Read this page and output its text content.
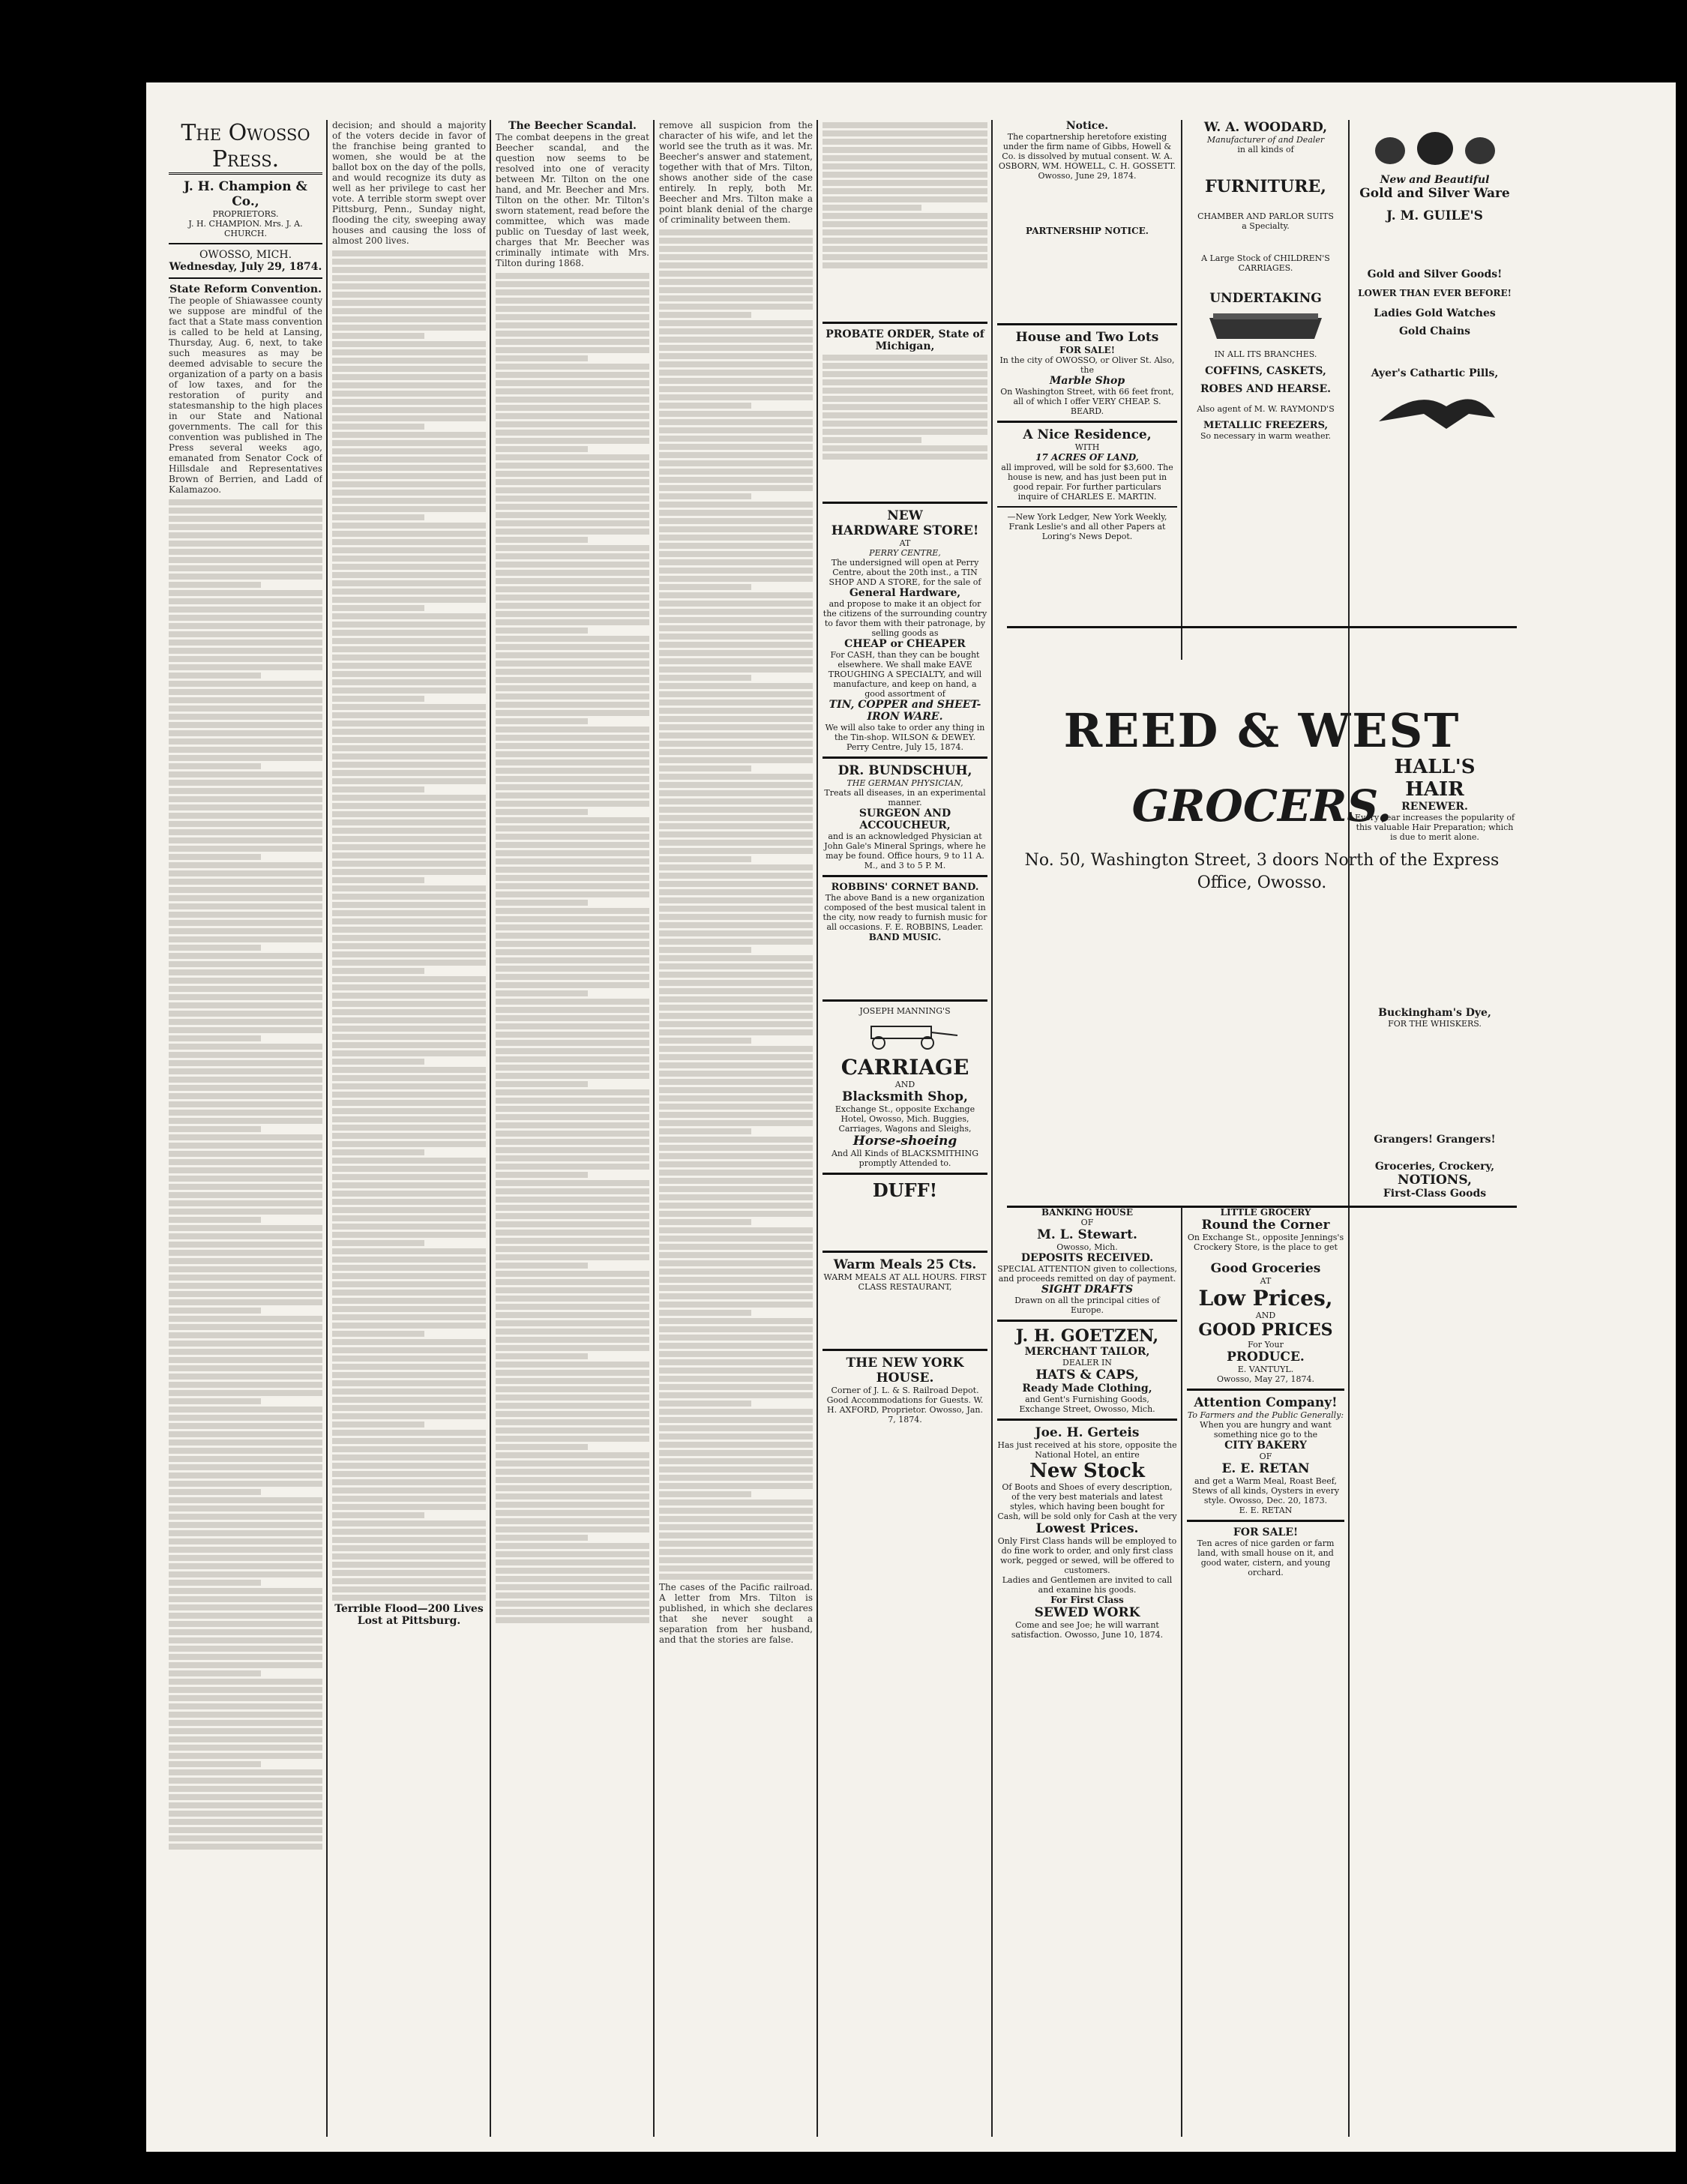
The Owosso Press.
J. H. Champion & Co.,
PROPRIETORS.
J. H. CHAMPION. Mrs. J. A. CHURCH.
OWOSSO, MICH.
Wednesday, July 29, 1874.
State Reform Convention.

The people of Shiawassee county we suppose are mindful of the fact that a State mass convention is called to be held at Lansing, Thursday, Aug. 6, next, to take such measures as may be deemed advisable to secure the organization of a party on a basis of low taxes, and for the restoration of purity and statesmanship to the high places in our State and National governments. The call for this convention was published in The Press several weeks ago, emanated from Senator Cock of Hillsdale and Representatives Brown of Berrien, and Ladd of Kalamazoo.

decision; and should a majority of the voters decide in favor of the franchise being granted to women, she would be at the ballot box on the day of the polls, and would recognize its duty as well as her privilege to cast her vote. A terrible storm swept over Pittsburg, Penn., Sunday night, flooding the city, sweeping away houses and causing the loss of almost 200 lives.

Terrible Flood—200 Lives Lost at Pittsburg.
The Beecher Scandal.

The combat deepens in the great Beecher scandal, and the question now seems to be resolved into one of veracity between Mr. Tilton on the one hand, and Mr. Beecher and Mrs. Tilton on the other. Mr. Tilton's sworn statement, read before the committee, which was made public on Tuesday of last week, charges that Mr. Beecher was criminally intimate with Mrs. Tilton during 1868.

remove all suspicion from the character of his wife, and let the world see the truth as it was. Mr. Beecher's answer and statement, together with that of Mrs. Tilton, shows another side of the case entirely. In reply, both Mr. Beecher and Mrs. Tilton make a point blank denial of the charge of criminality between them.

The cases of the Pacific railroad. A letter from Mrs. Tilton is published, in which she declares that she never sought a separation from her husband, and that the stories are false.

PROBATE ORDER, State of Michigan,
NEW
HARDWARE STORE!
AT
PERRY CENTRE,
The undersigned will open at Perry Centre, about the 20th inst., a TIN SHOP AND A STORE, for the sale of
General Hardware,
and propose to make it an object for the citizens of the surrounding country to favor them with their patronage, by selling goods as
CHEAP or CHEAPER
For CASH, than they can be bought elsewhere. We shall make EAVE TROUGHING A SPECIALTY, and will manufacture, and keep on hand, a good assortment of
TIN, COPPER and SHEET-IRON WARE.
We will also take to order any thing in the Tin-shop. WILSON & DEWEY. Perry Centre, July 15, 1874.
DR. BUNDSCHUH,
THE GERMAN PHYSICIAN,
Treats all diseases, in an experimental manner.
SURGEON AND ACCOUCHEUR,
and is an acknowledged Physician at John Gale's Mineral Springs, where he may be found. Office hours, 9 to 11 A. M., and 3 to 5 P. M.
ROBBINS' CORNET BAND.
The above Band is a new organization composed of the best musical talent in the city, now ready to furnish music for all occasions. F. E. ROBBINS, Leader.
BAND MUSIC.
JOSEPH MANNING'S
CARRIAGE
AND
Blacksmith Shop,
Exchange St., opposite Exchange Hotel, Owosso, Mich. Buggies, Carriages, Wagons and Sleighs,
Horse-shoeing
And All Kinds of BLACKSMITHING promptly Attended to.
DUFF!
Warm Meals 25 Cts.
WARM MEALS AT ALL HOURS. FIRST CLASS RESTAURANT,
THE NEW YORK HOUSE.
Corner of J. L. & S. Railroad Depot. Good Accommodations for Guests. W. H. AXFORD, Proprietor. Owosso, Jan. 7, 1874.
Notice.
The copartnership heretofore existing under the firm name of Gibbs, Howell & Co. is dissolved by mutual consent. W. A. OSBORN, WM. HOWELL, C. H. GOSSETT. Owosso, June 29, 1874.
PARTNERSHIP NOTICE.
House and Two Lots
FOR SALE!
In the city of OWOSSO, or Oliver St. Also, the
Marble Shop
On Washington Street, with 66 feet front, all of which I offer VERY CHEAP. S. BEARD.
A Nice Residence,
WITH
17 ACRES OF LAND,
all improved, will be sold for $3,600. The house is new, and has just been put in good repair. For further particulars inquire of CHARLES E. MARTIN.
—New York Ledger, New York Weekly, Frank Leslie's and all other Papers at Loring's News Depot.
W. A. WOODARD,
Manufacturer of and Dealer
in all kinds of
FURNITURE,
CHAMBER AND PARLOR SUITS
a Specialty.
A Large Stock of CHILDREN'S CARRIAGES.
UNDERTAKING
IN ALL ITS BRANCHES.
COFFINS, CASKETS,
ROBES AND HEARSE.
Also agent of M. W. RAYMOND'S
METALLIC FREEZERS,
So necessary in warm weather.
New and Beautiful
Gold and Silver Ware
J. M. GUILE'S
Gold and Silver Goods!
LOWER THAN EVER BEFORE!
Ladies Gold Watches
Gold Chains
Ayer's Cathartic Pills,
HALL'S
HAIR
RENEWER.
Every year increases the popularity of this valuable Hair Preparation; which is due to merit alone.
Buckingham's Dye,
FOR THE WHISKERS.
Grangers! Grangers!
Groceries, Crockery,
NOTIONS,
First-Class Goods
REED & WEST
GROCERS.
No. 50, Washington Street, 3 doors North of the Express Office, Owosso.
BANKING HOUSE
OF
M. L. Stewart.
Owosso, Mich.
DEPOSITS RECEIVED.
SPECIAL ATTENTION given to collections, and proceeds remitted on day of payment.
SIGHT DRAFTS
Drawn on all the principal cities of Europe.
J. H. GOETZEN,
MERCHANT TAILOR,
DEALER IN
HATS & CAPS,
Ready Made Clothing,
and Gent's Furnishing Goods,
Exchange Street, Owosso, Mich.
Joe. H. Gerteis
Has just received at his store, opposite the National Hotel, an entire
New Stock
Of Boots and Shoes of every description, of the very best materials and latest styles, which having been bought for Cash, will be sold only for Cash at the very
Lowest Prices.
Only First Class hands will be employed to do fine work to order, and only first class work, pegged or sewed, will be offered to customers.
Ladies and Gentlemen are invited to call and examine his goods.
For First Class
SEWED WORK
Come and see Joe; he will warrant satisfaction. Owosso, June 10, 1874.
LITTLE GROCERY
Round the Corner
On Exchange St., opposite Jennings's Crockery Store, is the place to get
Good Groceries
AT
Low Prices,
AND
GOOD PRICES
For Your
PRODUCE.
E. VANTUYL.
Owosso, May 27, 1874.
Attention Company!
To Farmers and the Public Generally:
When you are hungry and want something nice go to the
CITY BAKERY
OF
E. E. RETAN
and get a Warm Meal, Roast Beef, Stews of all kinds, Oysters in every style. Owosso, Dec. 20, 1873.
E. E. RETAN
FOR SALE!
Ten acres of nice garden or farm land, with small house on it, and good water, cistern, and young orchard.
